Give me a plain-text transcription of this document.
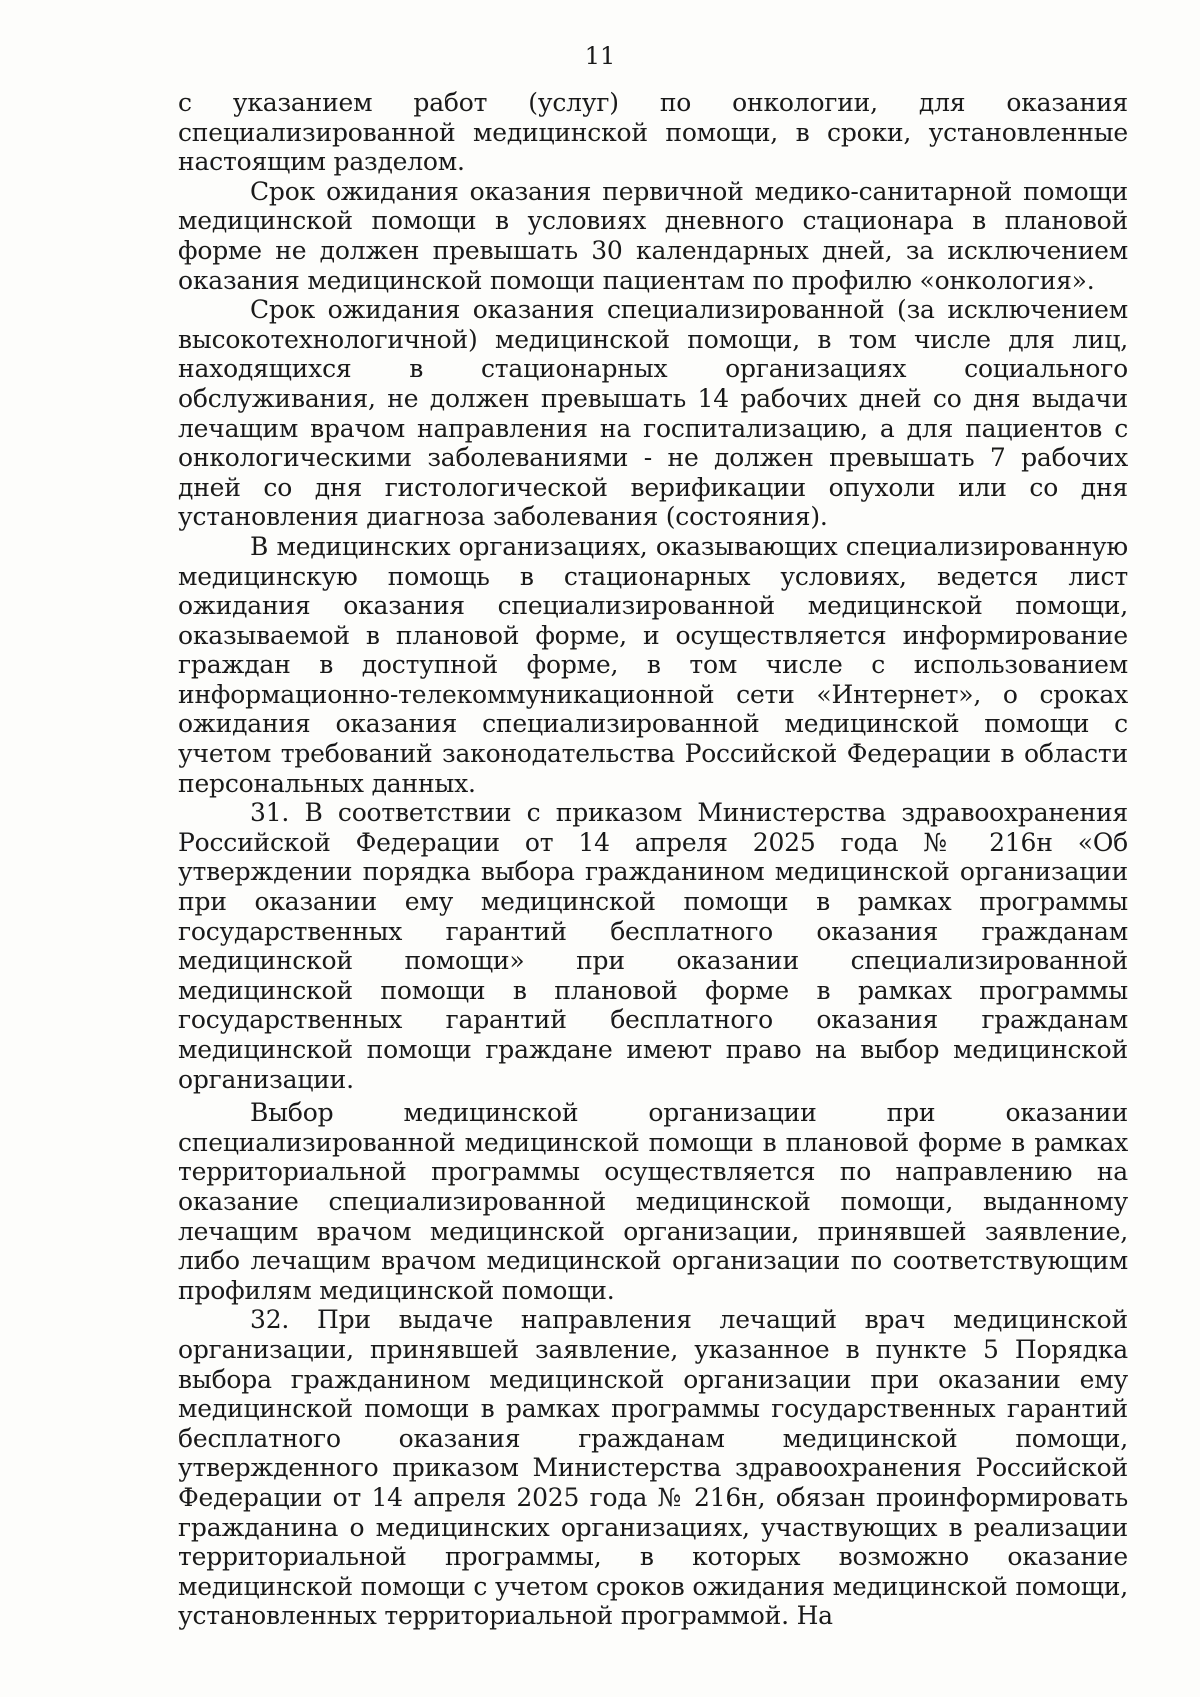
11

с указанием работ (услуг) по онкологии, для оказания специализированной медицинской помощи, в сроки, установленные настоящим разделом.

Срок ожидания оказания первичной медико-санитарной помощи медицинской помощи в условиях дневного стационара в плановой форме не должен превышать 30 календарных дней, за исключением оказания медицинской помощи пациентам по профилю «онкология».

Срок ожидания оказания специализированной (за исключением высокотехнологичной) медицинской помощи, в том числе для лиц, находящихся в стационарных организациях социального обслуживания, не должен превышать 14 рабочих дней со дня выдачи лечащим врачом направления на госпитализацию, а для пациентов с онкологическими заболеваниями - не должен превышать 7 рабочих дней со дня гистологической верификации опухоли или со дня установления диагноза заболевания (состояния).

В медицинских организациях, оказывающих специализированную медицинскую помощь в стационарных условиях, ведется лист ожидания оказания специализированной медицинской помощи, оказываемой в плановой форме, и осуществляется информирование граждан в доступной форме, в том числе с использованием информационно-телекоммуникационной сети «Интернет», о сроках ожидания оказания специализированной медицинской помощи с учетом требований законодательства Российской Федерации в области персональных данных.

31. В соответствии с приказом Министерства здравоохранения Российской Федерации от 14 апреля 2025 года № 216н «Об утверждении порядка выбора гражданином медицинской организации при оказании ему медицинской помощи в рамках программы государственных гарантий бесплатного оказания гражданам медицинской помощи» при оказании специализированной медицинской помощи в плановой форме в рамках программы государственных гарантий бесплатного оказания гражданам медицинской помощи граждане имеют право на выбор медицинской организации.

Выбор медицинской организации при оказании специализированной медицинской помощи в плановой форме в рамках территориальной программы осуществляется по направлению на оказание специализированной медицинской помощи, выданному лечащим врачом медицинской организации, принявшей заявление, либо лечащим врачом медицинской организации по соответствующим профилям медицинской помощи.

32. При выдаче направления лечащий врач медицинской организации, принявшей заявление, указанное в пункте 5 Порядка выбора гражданином медицинской организации при оказании ему медицинской помощи в рамках программы государственных гарантий бесплатного оказания гражданам медицинской помощи, утвержденного приказом Министерства здравоохранения Российской Федерации от 14 апреля 2025 года № 216н, обязан проинформировать гражданина о медицинских организациях, участвующих в реализации территориальной программы, в которых возможно оказание медицинской помощи с учетом сроков ожидания медицинской помощи, установленных территориальной программой. На
